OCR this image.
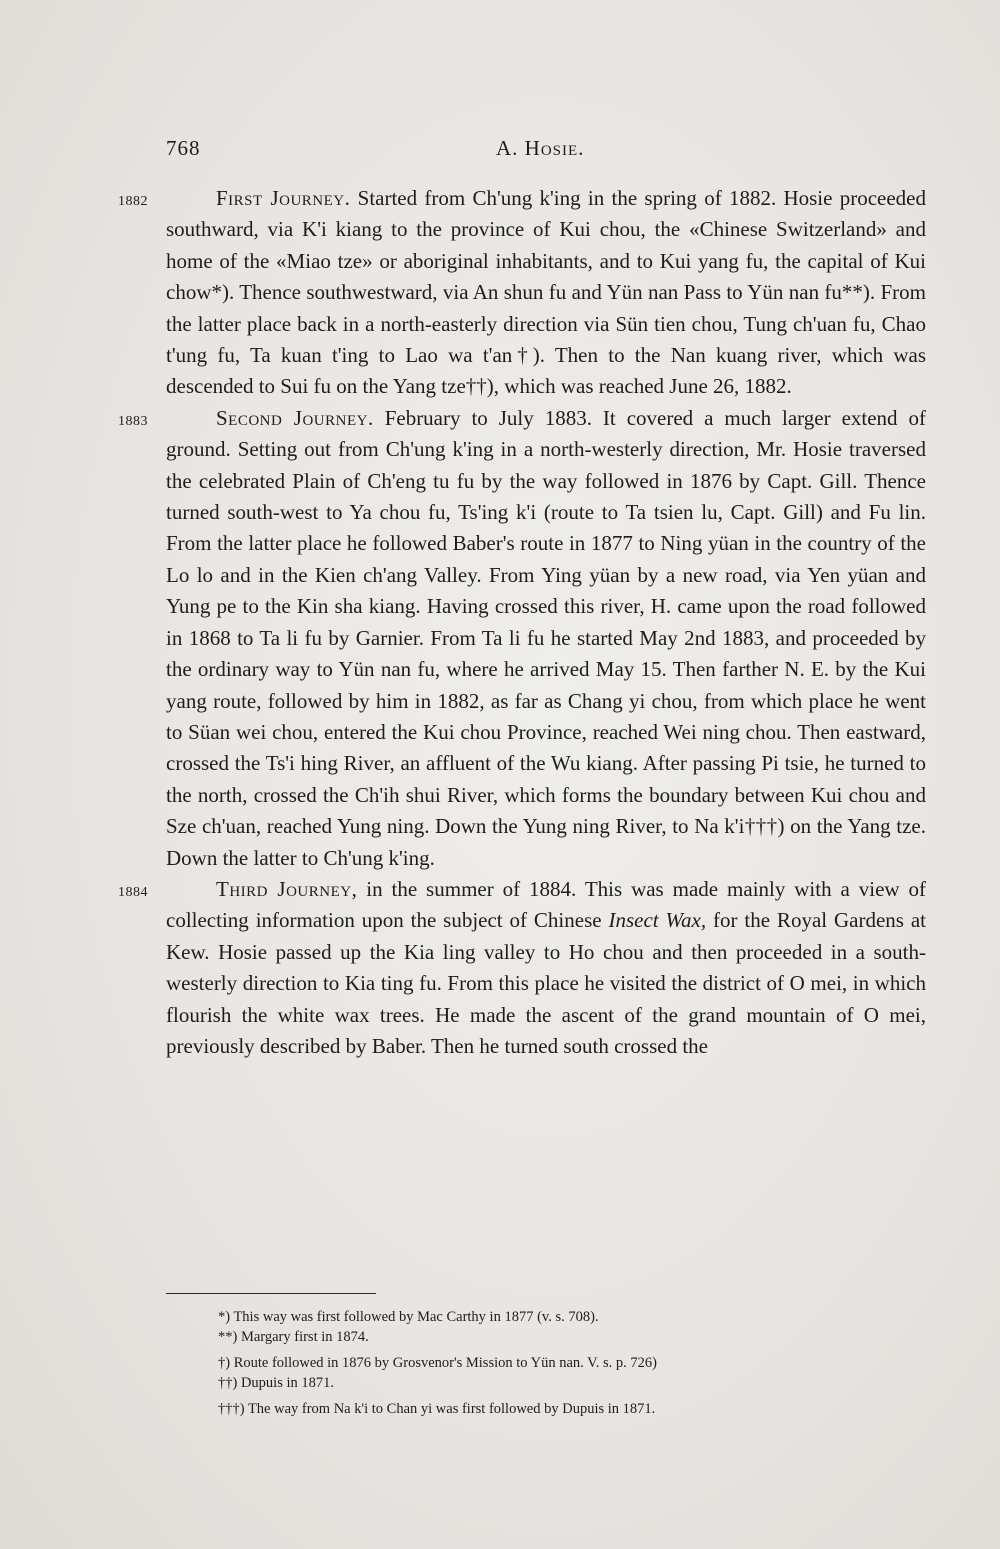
768	A. Hosie.

1882	First Journey. Started from Ch'ung k'ing in the spring of 1882. Hosie proceeded southward, via K'i kiang to the province of Kui chou, the «Chinese Switzerland» and home of the «Miao tze» or aboriginal inhabitants, and to Kui yang fu, the capital of Kui chow*). Thence southwestward, via An shun fu and Yün nan Pass to Yün nan fu**). From the latter place back in a north-easterly direction via Sün tien chou, Tung ch'uan fu, Chao t'ung fu, Ta kuan t'ing to Lao wa t'an†). Then to the Nan kuang river, which was descended to Sui fu on the Yang tze††), which was reached June 26, 1882.

1883	Second Journey. February to July 1883. It covered a much larger extend of ground. Setting out from Ch'ung k'ing in a north-westerly direction, Mr. Hosie traversed the celebrated Plain of Ch'eng tu fu by the way followed in 1876 by Capt. Gill. Thence turned south-west to Ya chou fu, Ts'ing k'i (route to Ta tsien lu, Capt. Gill) and Fu lin. From the latter place he followed Baber's route in 1877 to Ning yüan in the country of the Lo lo and in the Kien ch'ang Valley. From Ying yüan by a new road, via Yen yüan and Yung pe to the Kin sha kiang. Having crossed this river, H. came upon the road followed in 1868 to Ta li fu by Garnier. From Ta li fu he started May 2nd 1883, and proceeded by the ordinary way to Yün nan fu, where he arrived May 15. Then farther N. E. by the Kui yang route, followed by him in 1882, as far as Chang yi chou, from which place he went to Süan wei chou, entered the Kui chou Province, reached Wei ning chou. Then eastward, crossed the Ts'i hing River, an affluent of the Wu kiang. After passing Pi tsie, he turned to the north, crossed the Ch'ih shui River, which forms the boundary between Kui chou and Sze ch'uan, reached Yung ning. Down the Yung ning River, to Na k'i†††) on the Yang tze. Down the latter to Ch'ung k'ing.

1884	Third Journey, in the summer of 1884. This was made mainly with a view of collecting information upon the subject of Chinese Insect Wax, for the Royal Gardens at Kew. Hosie passed up the Kia ling valley to Ho chou and then proceeded in a south-westerly direction to Kia ting fu. From this place he visited the district of O mei, in which flourish the white wax trees. He made the ascent of the grand mountain of O mei, previously described by Baber. Then he turned south crossed the

*) This way was first followed by Mac Carthy in 1877 (v. s. 708).

**) Margary first in 1874.

†) Route followed in 1876 by Grosvenor's Mission to Yün nan. V. s. p. 726)

††) Dupuis in 1871.

†††) The way from Na k'i to Chan yi was first followed by Dupuis in 1871.
